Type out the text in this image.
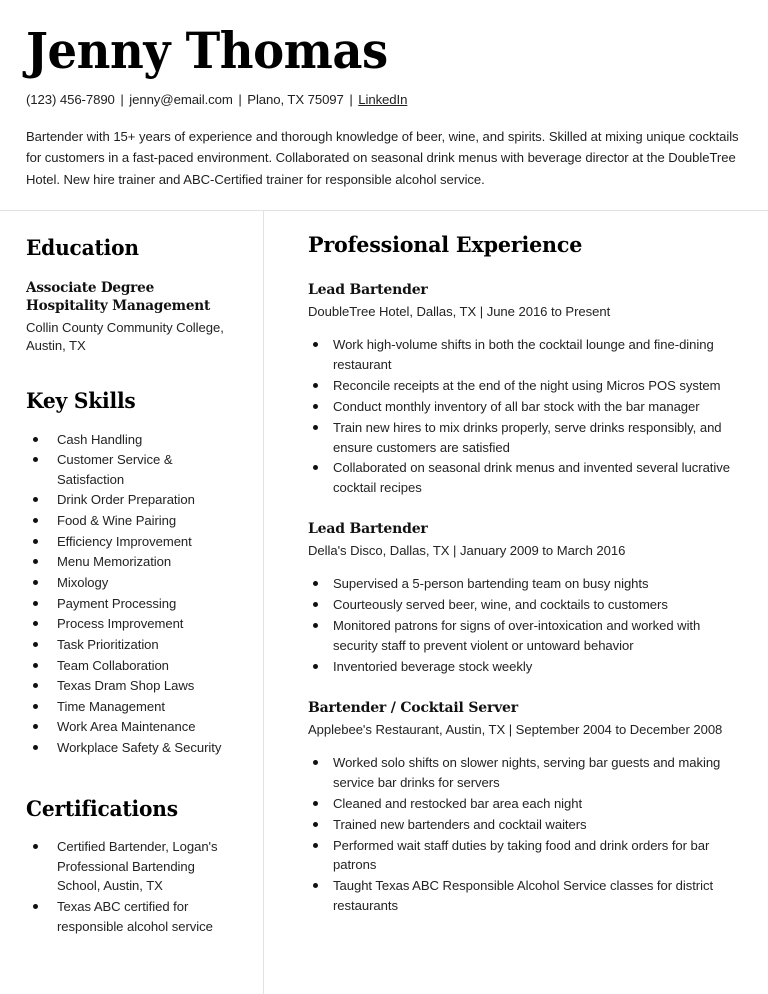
Jenny Thomas
(123) 456-7890 | jenny@email.com | Plano, TX 75097 | LinkedIn

Bartender with 15+ years of experience and thorough knowledge of beer, wine, and spirits. Skilled at mixing unique cocktails for customers in a fast-paced environment. Collaborated on seasonal drink menus with beverage director at the DoubleTree Hotel. New hire trainer and ABC-Certified trainer for responsible alcohol service.

Education
Associate Degree Hospitality Management
Collin County Community College, Austin, TX
Key Skills
Cash Handling
Customer Service & Satisfaction
Drink Order Preparation
Food & Wine Pairing
Efficiency Improvement
Menu Memorization
Mixology
Payment Processing
Process Improvement
Task Prioritization
Team Collaboration
Texas Dram Shop Laws
Time Management
Work Area Maintenance
Workplace Safety & Security
Certifications
Certified Bartender, Logan's Professional Bartending School, Austin, TX
Texas ABC certified for responsible alcohol service
Professional Experience
Lead Bartender
DoubleTree Hotel, Dallas, TX | June 2016 to Present
Work high-volume shifts in both the cocktail lounge and fine-dining restaurant
Reconcile receipts at the end of the night using Micros POS system
Conduct monthly inventory of all bar stock with the bar manager
Train new hires to mix drinks properly, serve drinks responsibly, and ensure customers are satisfied
Collaborated on seasonal drink menus and invented several lucrative cocktail recipes
Lead Bartender
Della's Disco, Dallas, TX | January 2009 to March 2016
Supervised a 5-person bartending team on busy nights
Courteously served beer, wine, and cocktails to customers
Monitored patrons for signs of over-intoxication and worked with security staff to prevent violent or untoward behavior
Inventoried beverage stock weekly
Bartender / Cocktail Server
Applebee's Restaurant, Austin, TX | September 2004 to December 2008
Worked solo shifts on slower nights, serving bar guests and making service bar drinks for servers
Cleaned and restocked bar area each night
Trained new bartenders and cocktail waiters
Performed wait staff duties by taking food and drink orders for bar patrons
Taught Texas ABC Responsible Alcohol Service classes for district restaurants
